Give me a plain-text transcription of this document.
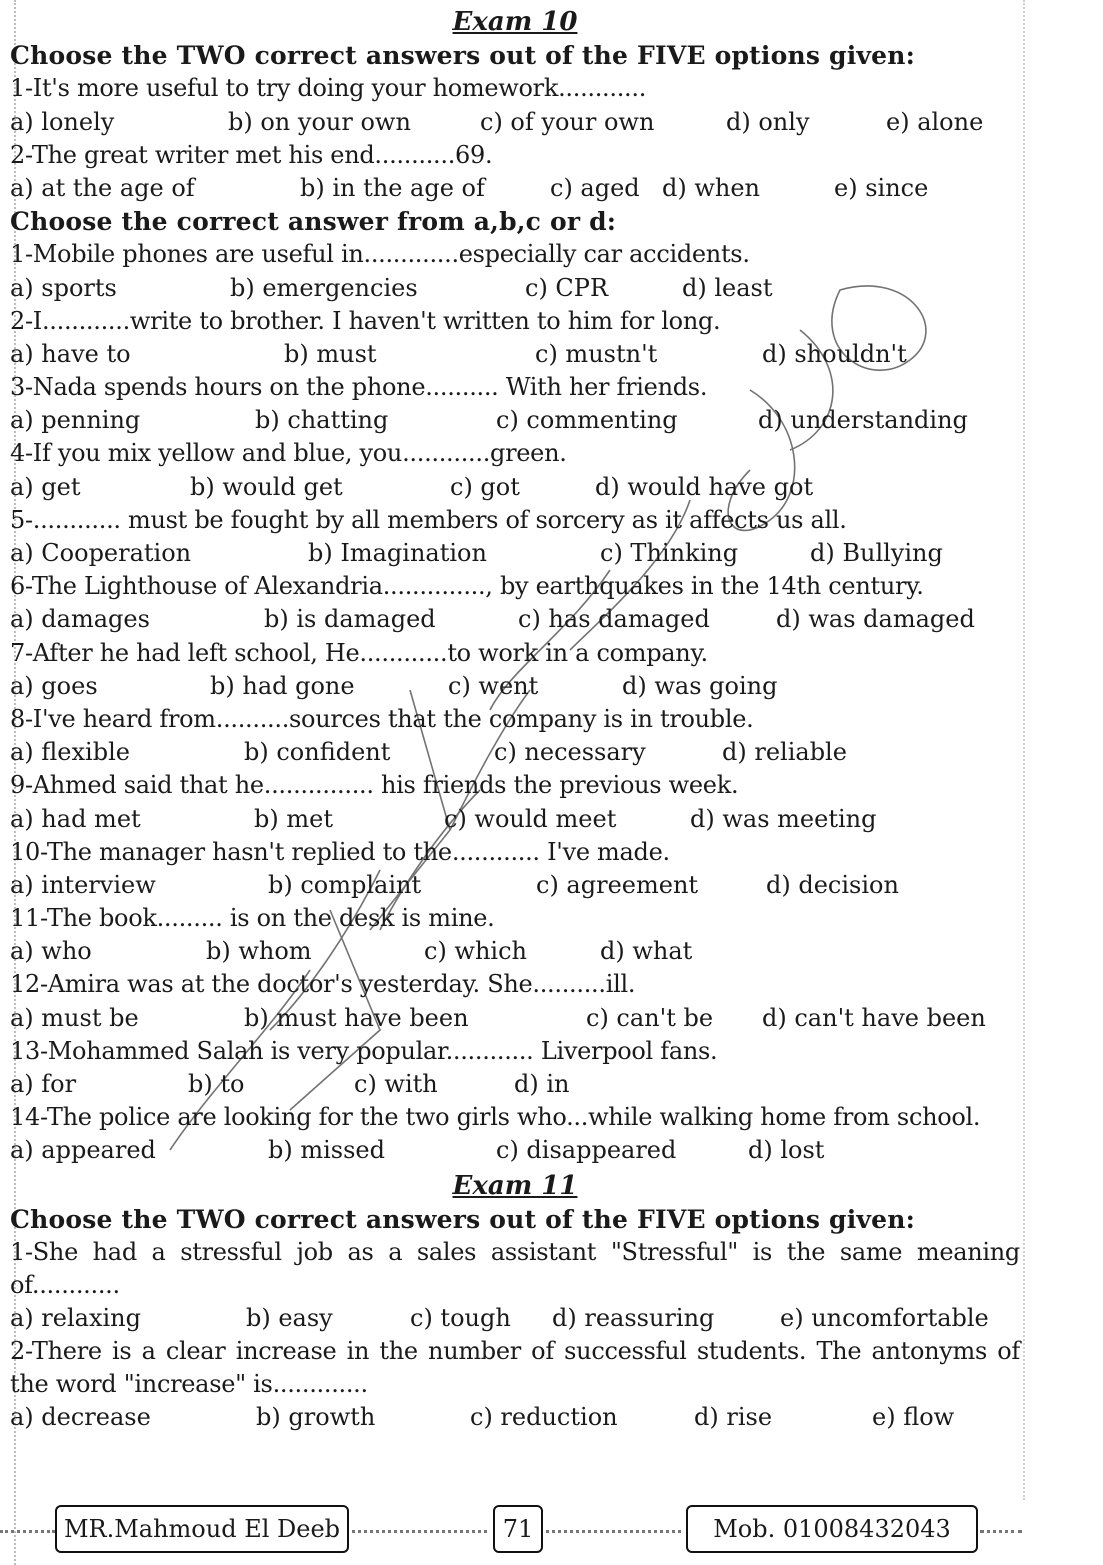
Exam 10
Choose the TWO correct answers out of the FIVE options given:
1-It's more useful to try doing your homework............
a) lonely	b) on your own	c) of your own	d) only	e) alone
2-The great writer met his end...........69.
a) at the age of	b) in the age of	c) aged d) when	e) since
Choose the correct answer from a,b,c or d:
1-Mobile phones are useful in.............especially car accidents.
a) sports	b) emergencies	c) CPR	d) least
2-I............write to brother. I haven't written to him for long.
a) have to	b) must	c) mustn't	d) shouldn't
3-Nada spends hours on the phone.......... With her friends.
a) penning	b) chatting	c) commenting	d) understanding
4-If you mix yellow and blue, you............green.
a) get	b) would get	c) got	d) would have got
5-............ must be fought by all members of sorcery as it affects us all.
a) Cooperation	b) Imagination	c) Thinking	d) Bullying
6-The Lighthouse of Alexandria.............., by earthquakes in the 14th century.
a) damages	b) is damaged	c) has damaged	d) was damaged
7-After he had left school, He............to work in a company.
a) goes	b) had gone	c) went	d) was going
8-I've heard from..........sources that the company is in trouble.
a) flexible	b) confident	c) necessary	d) reliable
9-Ahmed said that he............... his friends the previous week.
a) had met	b) met	c) would meet	d) was meeting
10-The manager hasn't replied to the............ I've made.
a) interview	b) complaint	c) agreement	d) decision
11-The book......... is on the desk is mine.
a) who	b) whom	c) which	d) what
12-Amira was at the doctor's yesterday. She..........ill.
a) must be	b) must have been	c) can't be d) can't have been
13-Mohammed Salah is very popular............ Liverpool fans.
a) for	b) to	c) with	d) in
14-The police are looking for the two girls who...while walking home from school.
a) appeared	b) missed	c) disappeared	d) lost
Exam 11
Choose the TWO correct answers out of the FIVE options given:
1-She had a stressful job as a sales assistant "Stressful" is the same meaning of............
a) relaxing	b) easy	c) tough d) reassuring	e) uncomfortable
2-There is a clear increase in the number of successful students. The antonyms of the word "increase" is.............
a) decrease	b) growth	c) reduction	d) rise	e) flow
MR.Mahmoud El Deeb	71	Mob. 01008432043
